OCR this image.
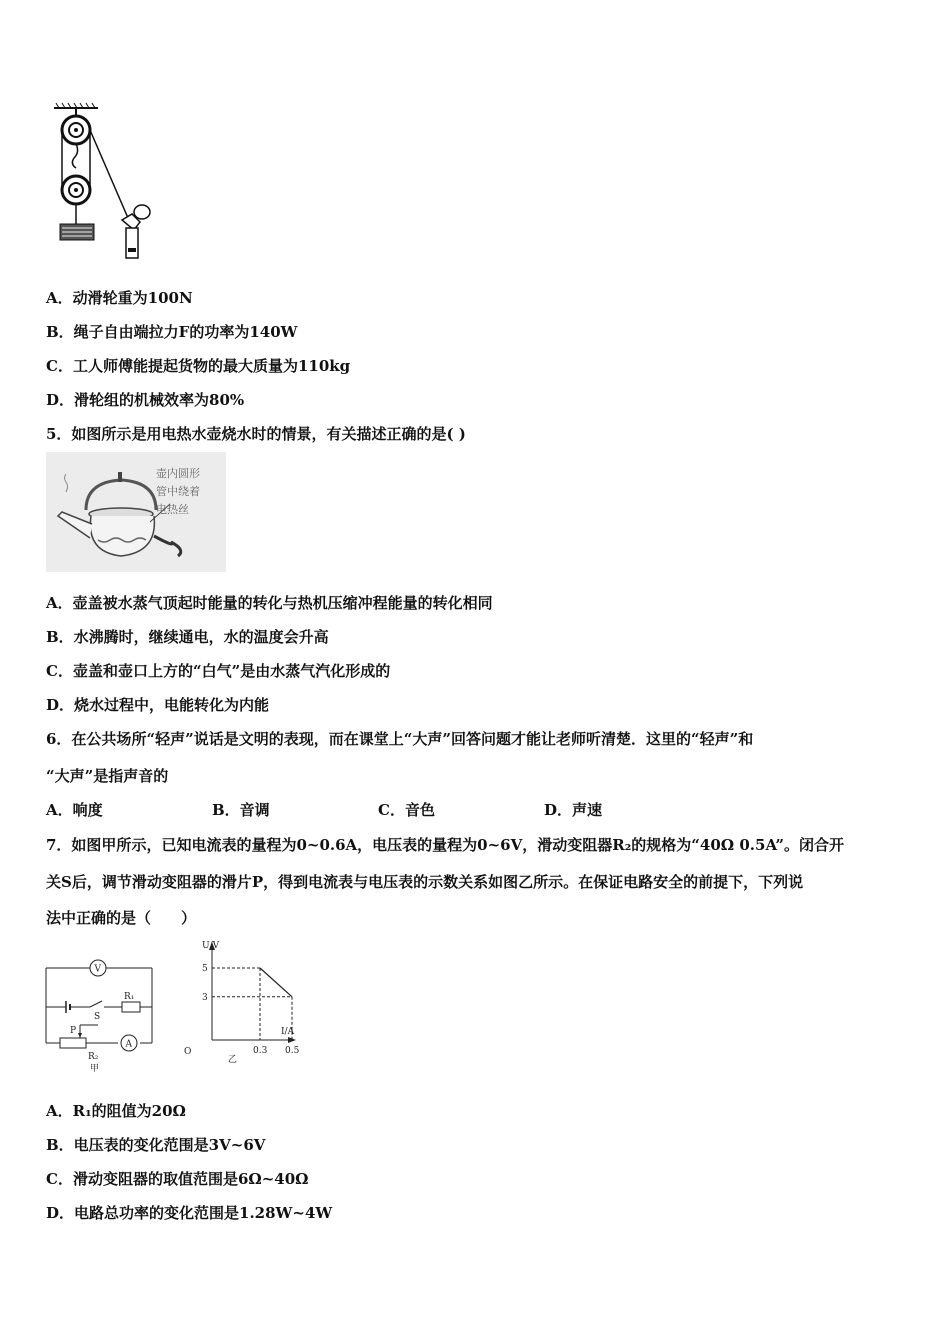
A．动滑轮重为100N
B．绳子自由端拉力F的功率为140W
C．工人师傅能提起货物的最大质量为110kg
D．滑轮组的机械效率为80%
5．如图所示是用电热水壶烧水时的情景，有关描述正确的是( )
壶内圆形
管中绕着
电热丝
A．壶盖被水蒸气顶起时能量的转化与热机压缩冲程能量的转化相同
B．水沸腾时，继续通电，水的温度会升高
C．壶盖和壶口上方的“白气”是由水蒸气汽化形成的
D．烧水过程中，电能转化为内能
6．在公共场所“轻声”说话是文明的表现，而在课堂上“大声”回答问题才能让老师听清楚．这里的“轻声”和
“大声”是指声音的
A．响度	B．音调	C．音色	D．声速
7．如图甲所示，已知电流表的量程为0~0.6A，电压表的量程为0~6V，滑动变阻器R₂的规格为“40Ω 0.5A”。闭合开
关S后，调节滑动变阻器的滑片P，得到电流表与电压表的示数关系如图乙所示。在保证电路安全的前提下，下列说
法中正确的是（　　）
V
A
R₁
S
P
R₂
甲
U/V
I/A
O
乙
5
3
0.3 0.5
A．R₁的阻值为20Ω
B．电压表的变化范围是3V~6V
C．滑动变阻器的取值范围是6Ω~40Ω
D．电路总功率的变化范围是1.28W~4W
